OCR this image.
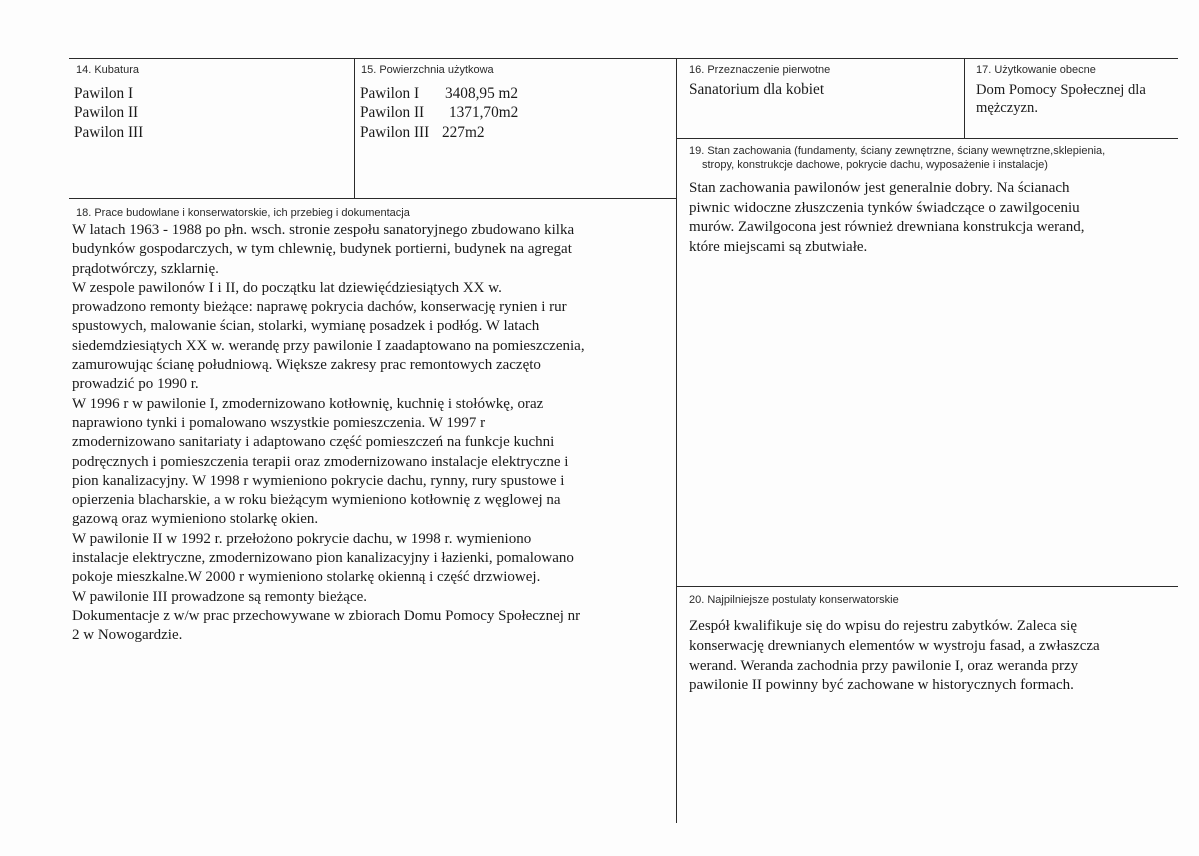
14. Kubatura
Pawilon I
Pawilon II
Pawilon III
15. Powierzchnia użytkowa
Pawilon I 3408,95 m2
Pawilon II 1371,70m2
Pawilon III 227m2
16. Przeznaczenie pierwotne
Sanatorium dla kobiet
17. Użytkowanie obecne
Dom Pomocy Społecznej dla
mężczyzn.
18. Prace budowlane i konserwatorskie, ich przebieg i dokumentacja
W latach 1963 - 1988 po płn. wsch. stronie zespołu sanatoryjnego zbudowano kilka
budynków gospodarczych, w tym chlewnię, budynek portierni, budynek na agregat
prądotwórczy, szklarnię.
W zespole pawilonów I i II, do początku lat dziewięćdziesiątych XX w.
prowadzono remonty bieżące: naprawę pokrycia dachów, konserwację rynien i rur
spustowych, malowanie ścian, stolarki, wymianę posadzek i podłóg. W latach
siedemdziesiątych XX w. werandę przy pawilonie I zaadaptowano na pomieszczenia,
zamurowując ścianę południową. Większe zakresy prac remontowych zaczęto
prowadzić po 1990 r.
W 1996 r w pawilonie I, zmodernizowano kotłownię, kuchnię i stołówkę, oraz
naprawiono tynki i pomalowano wszystkie pomieszczenia. W 1997 r
zmodernizowano sanitariaty i adaptowano część pomieszczeń na funkcje kuchni
podręcznych i pomieszczenia terapii oraz zmodernizowano instalacje elektryczne i
pion kanalizacyjny. W 1998 r wymieniono pokrycie dachu, rynny, rury spustowe i
opierzenia blacharskie, a w roku bieżącym wymieniono kotłownię z węglowej na
gazową oraz wymieniono stolarkę okien.
W pawilonie II w 1992 r. przełożono pokrycie dachu, w 1998 r. wymieniono
instalacje elektryczne, zmodernizowano pion kanalizacyjny i łazienki, pomalowano
pokoje mieszkalne.W 2000 r wymieniono stolarkę okienną i część drzwiowej.
W pawilonie III prowadzone są remonty bieżące.
Dokumentacje z w/w prac przechowywane w zbiorach Domu Pomocy Społecznej nr
2 w Nowogardzie.
19. Stan zachowania (fundamenty, ściany zewnętrzne, ściany wewnętrzne,sklepienia,
stropy, konstrukcje dachowe, pokrycie dachu, wyposażenie i instalacje)
Stan zachowania pawilonów jest generalnie dobry. Na ścianach
piwnic widoczne złuszczenia tynków świadczące o zawilgoceniu
murów. Zawilgocona jest również drewniana konstrukcja werand,
które miejscami są zbutwiałe.
20. Najpilniejsze postulaty konserwatorskie
Zespół kwalifikuje się do wpisu do rejestru zabytków. Zaleca się
konserwację drewnianych elementów w wystroju fasad, a zwłaszcza
werand. Weranda zachodnia przy pawilonie I, oraz weranda przy
pawilonie II powinny być zachowane w historycznych formach.
